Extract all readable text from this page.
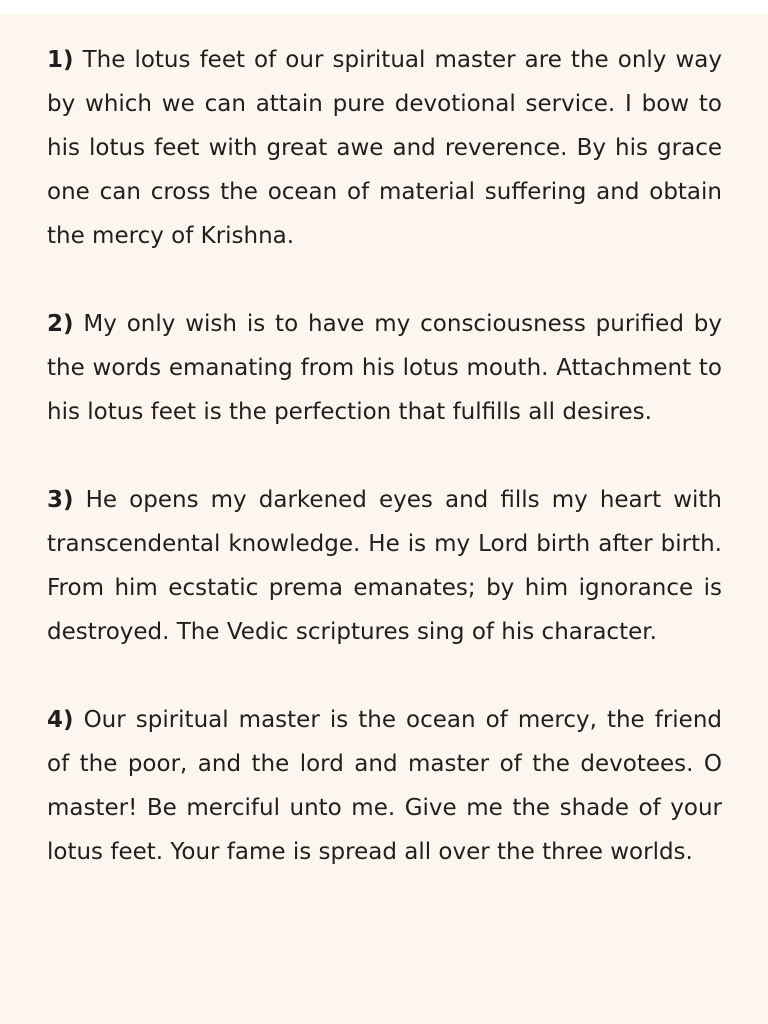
1) The lotus feet of our spiritual master are the only way by which we can attain pure devotional service. I bow to his lotus feet with great awe and reverence. By his grace one can cross the ocean of material suffering and obtain the mercy of Krishna.

2) My only wish is to have my consciousness purified by the words emanating from his lotus mouth. Attachment to his lotus feet is the perfection that fulfills all desires.

3) He opens my darkened eyes and fills my heart with transcendental knowledge. He is my Lord birth after birth. From him ecstatic prema emanates; by him ignorance is destroyed. The Vedic scriptures sing of his character.

4) Our spiritual master is the ocean of mercy, the friend of the poor, and the lord and master of the devotees. O master! Be merciful unto me. Give me the shade of your lotus feet. Your fame is spread all over the three worlds.
